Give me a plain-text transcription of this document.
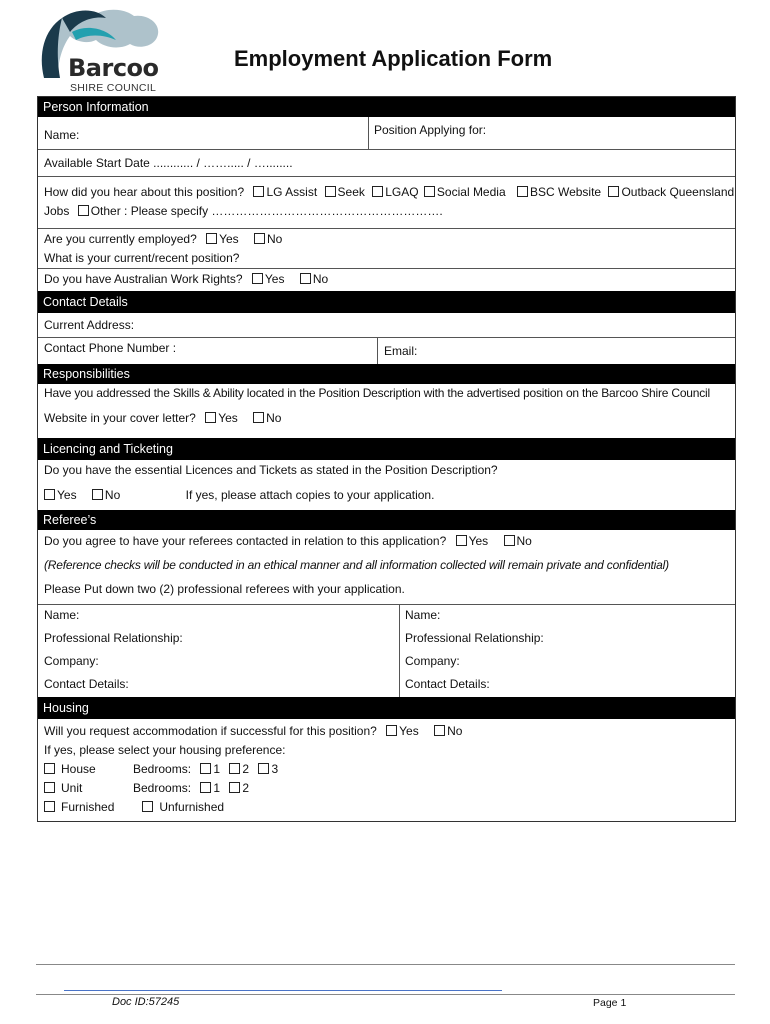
Barcoo
SHIRE COUNCIL
Employment Application Form
Person Information
Name:	Position Applying for:
Available Start Date ............ / ……..... / …........
How did you hear about this position? LG Assist Seek LGAQ Social Media BSC Website Outback Queensland
Jobs Other : Please specify ………………………………………………….
Are you currently employed? Yes No
What is your current/recent position?
Do you have Australian Work Rights? Yes No
Contact Details
Current Address:
Contact Phone Number :	Email:
Responsibilities
Have you addressed the Skills & Ability located in the Position Description with the advertised position on the Barcoo Shire Council
Website in your cover letter? Yes No
Licencing and Ticketing
Do you have the essential Licences and Tickets as stated in the Position Description?
Yes No	If yes, please attach copies to your application.
Referee’s
Do you agree to have your referees contacted in relation to this application? Yes No
(Reference checks will be conducted in an ethical manner and all information collected will remain private and confidential)
Please Put down two (2) professional referees with your application.
Name:
Professional Relationship:
Company:
Contact Details:
Name:
Professional Relationship:
Company:
Contact Details:
Housing
Will you request accommodation if successful for this position? Yes No
If yes, please select your housing preference:
House	Bedrooms: 1 2 3
Unit	Bedrooms: 1 2
Furnished	Unfurnished
Doc ID:57245	Page 1
